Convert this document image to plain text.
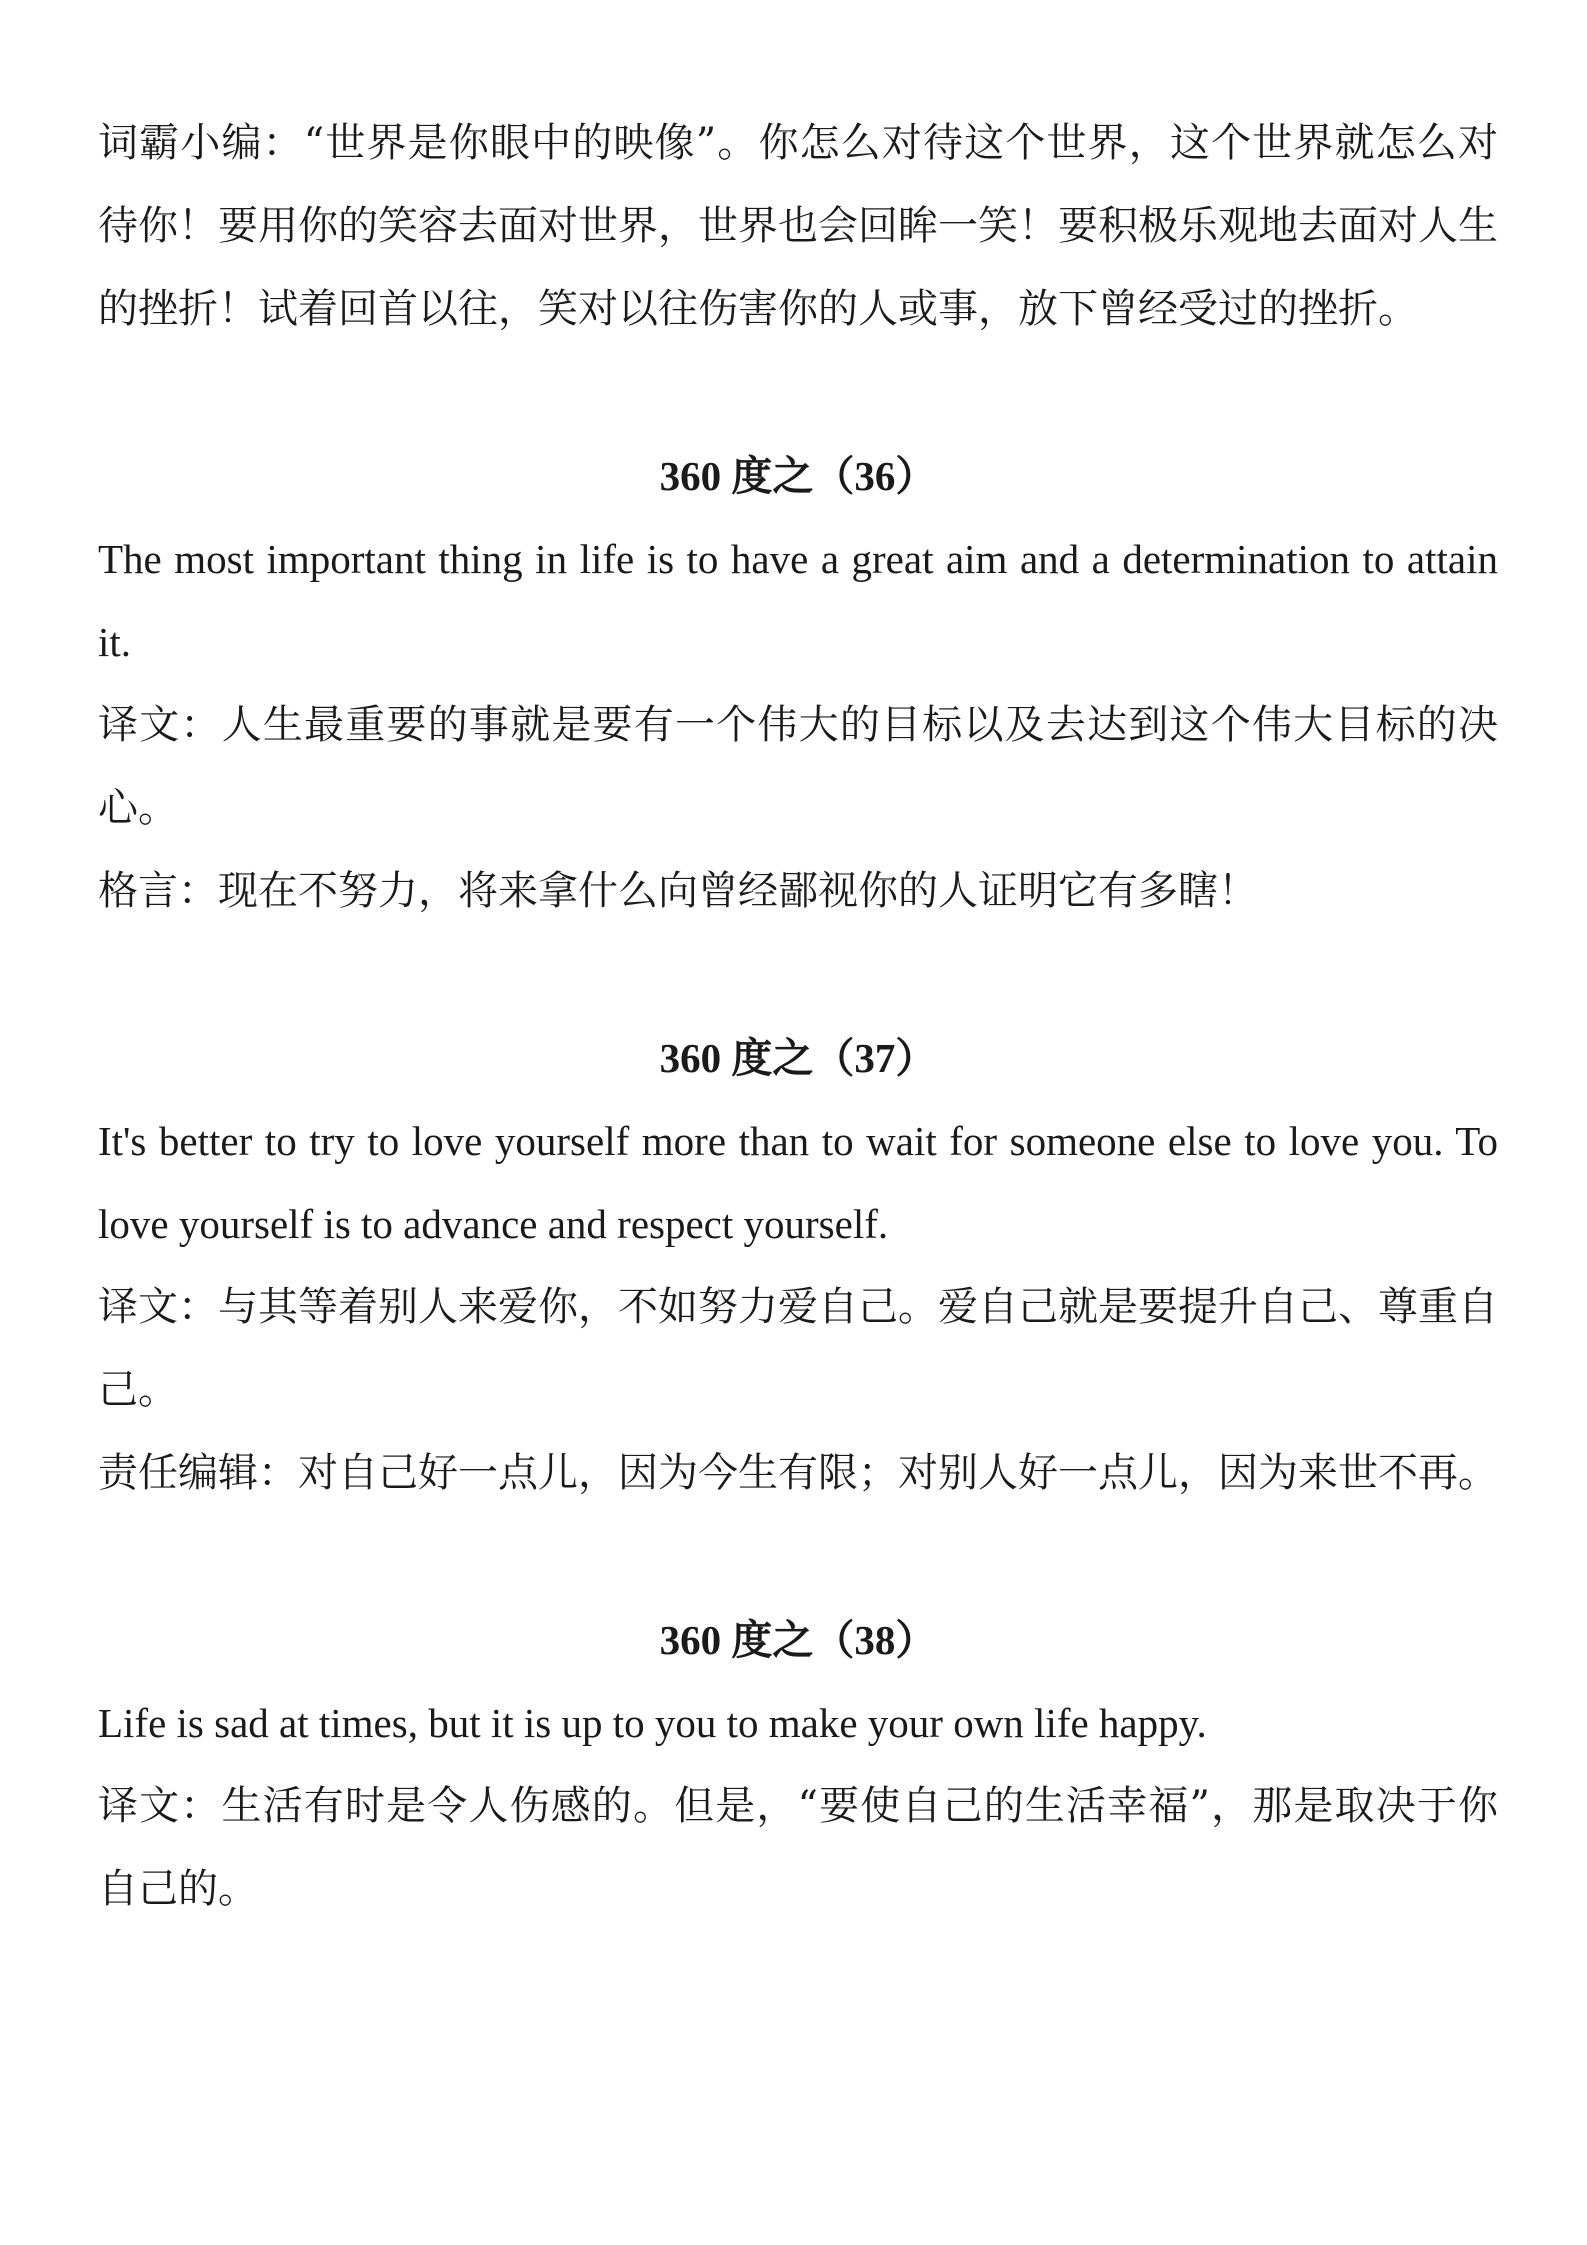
词霸小编：“世界是你眼中的映像”。你怎么对待这个世界，这个世界就怎么对待你！要用你的笑容去面对世界，世界也会回眸一笑！要积极乐观地去面对人生的挫折！试着回首以往，笑对以往伤害你的人或事，放下曾经受过的挫折。

360 度之（36）

The most important thing in life is to have a great aim and a determination to attain it.

译文：人生最重要的事就是要有一个伟大的目标以及去达到这个伟大目标的决心。

格言：现在不努力，将来拿什么向曾经鄙视你的人证明它有多瞎！

360 度之（37）

It's better to try to love yourself more than to wait for someone else to love you. To love yourself is to advance and respect yourself.

译文：与其等着别人来爱你，不如努力爱自己。爱自己就是要提升自己、尊重自己。

责任编辑：对自己好一点儿，因为今生有限；对别人好一点儿，因为来世不再。

360 度之（38）

Life is sad at times, but it is up to you to make your own life happy.

译文：生活有时是令人伤感的。但是，“要使自己的生活幸福”，那是取决于你自己的。
